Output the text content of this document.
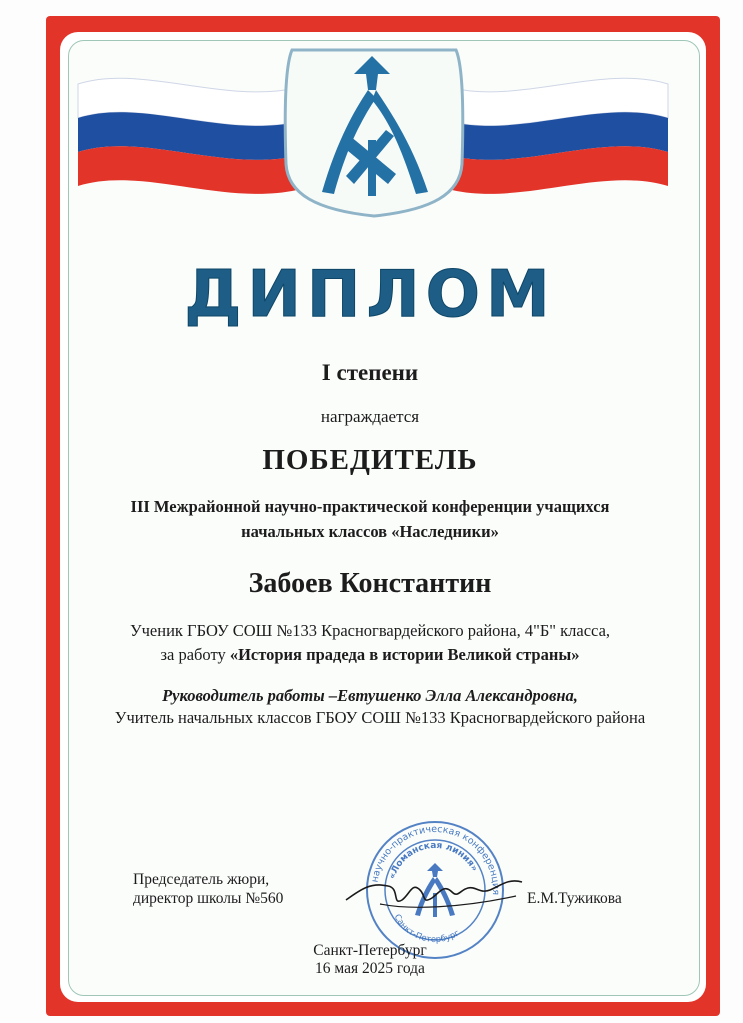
ДИПЛОМ
I степени
награждается
ПОБЕДИТЕЛЬ
III Межрайонной научно-практической конференции учащихся
начальных классов «Наследники»
Забоев Константин
Ученик ГБОУ СОШ №133 Красногвардейского района, 4"Б" класса,
за работу «История прадеда в истории Великой страны»
Руководитель работы –Евтушенко Элла Александровна,
Учитель начальных классов ГБОУ СОШ №133 Красногвардейского района
Председатель жюри,
директор школы №560	Е.М.Тужикова
научно-практическая конференция
«Ломанская линия»
Санкт-Петербург
Санкт-Петербург
16 мая 2025 года
